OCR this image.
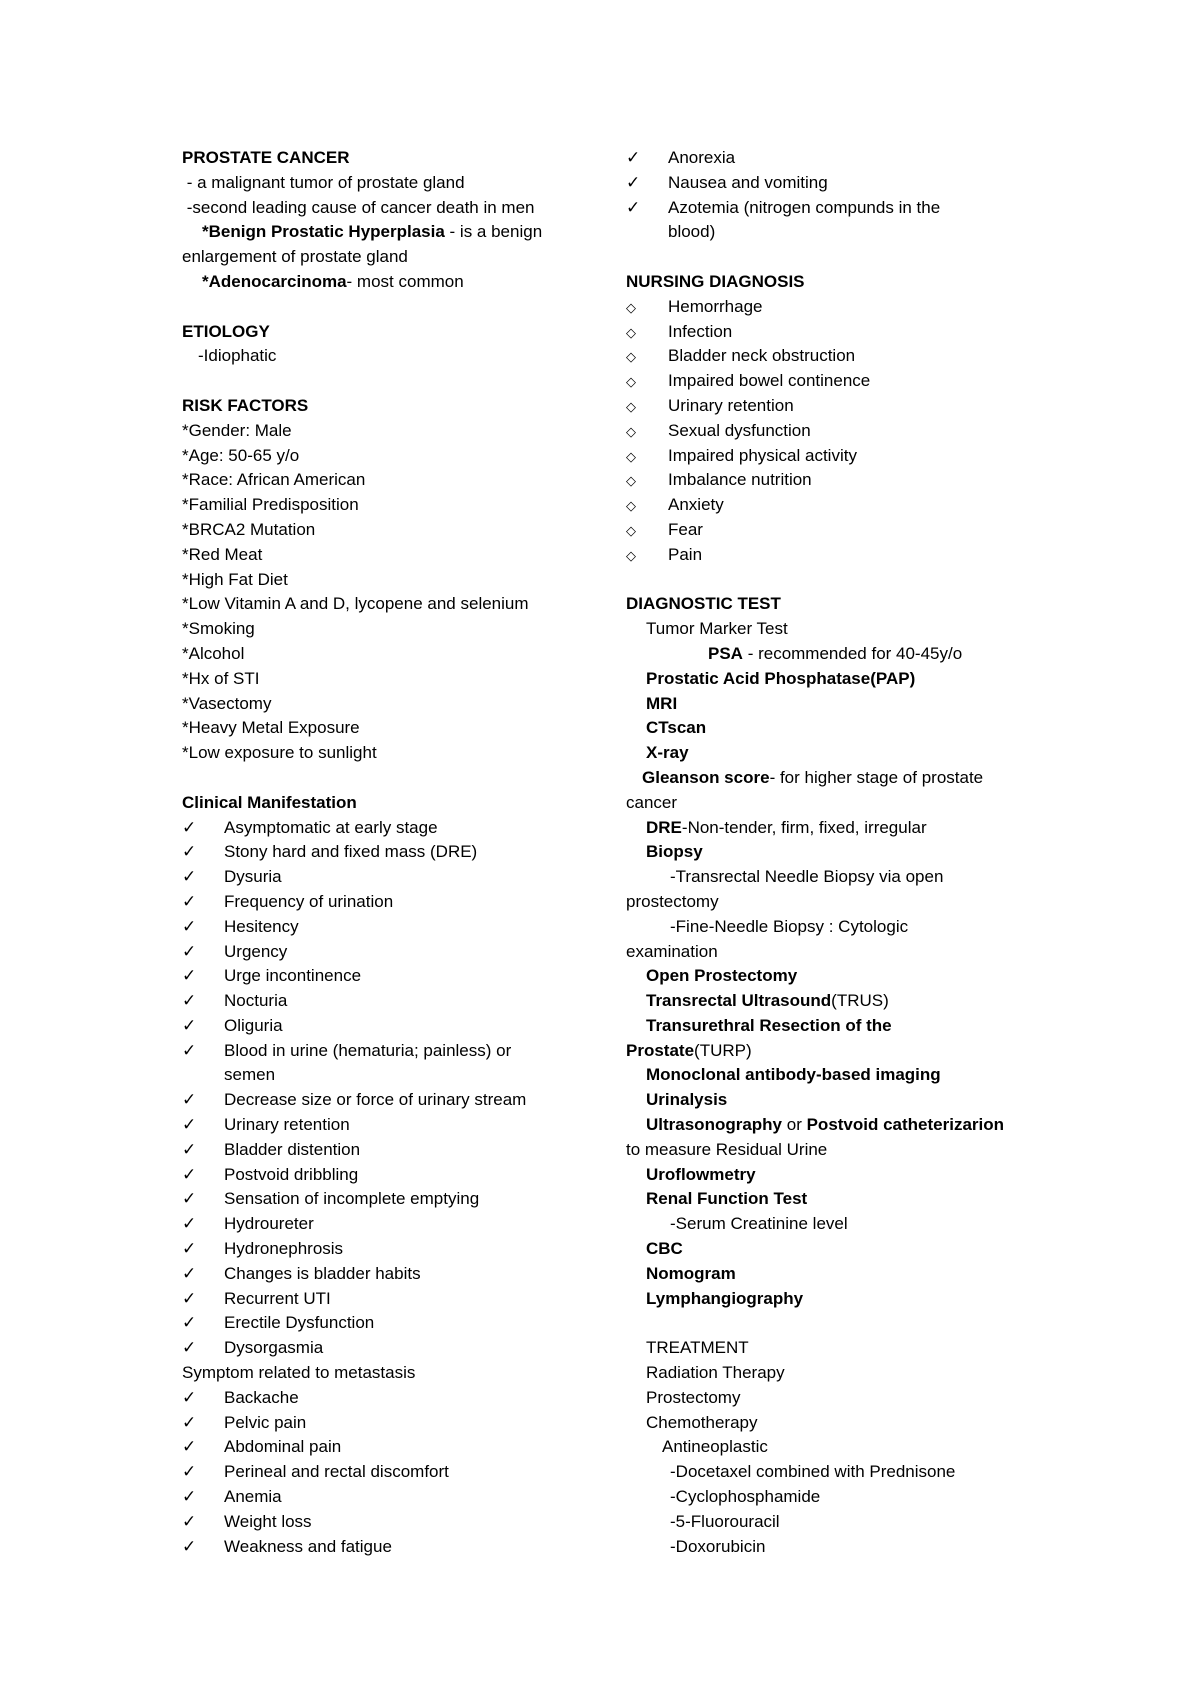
PROSTATE CANCER
- a malignant tumor of prostate gland
-second leading cause of cancer death in men
*Benign Prostatic Hyperplasia - is a benign
enlargement of prostate gland
*Adenocarcinoma- most common
ETIOLOGY
-Idiophatic
RISK FACTORS
*Gender: Male
*Age: 50-65 y/o
*Race: African American
*Familial Predisposition
*BRCA2 Mutation
*Red Meat
*High Fat Diet
*Low Vitamin A and D, lycopene and selenium
*Smoking
*Alcohol
*Hx of STI
*Vasectomy
*Heavy Metal Exposure
*Low exposure to sunlight
Clinical Manifestation
✓ Asymptomatic at early stage
✓ Stony hard and fixed mass (DRE)
✓ Dysuria
✓ Frequency of urination
✓ Hesitency
✓ Urgency
✓ Urge incontinence
✓ Nocturia
✓ Oliguria
✓ Blood in urine (hematuria; painless) or
semen
✓ Decrease size or force of urinary stream
✓ Urinary retention
✓ Bladder distention
✓ Postvoid dribbling
✓ Sensation of incomplete emptying
✓ Hydroureter
✓ Hydronephrosis
✓ Changes is bladder habits
✓ Recurrent UTI
✓ Erectile Dysfunction
✓ Dysorgasmia
Symptom related to metastasis
✓ Backache
✓ Pelvic pain
✓ Abdominal pain
✓ Perineal and rectal discomfort
✓ Anemia
✓ Weight loss
✓ Weakness and fatigue
✓ Anorexia
✓ Nausea and vomiting
✓ Azotemia (nitrogen compunds in the
blood)
NURSING DIAGNOSIS
◇ Hemorrhage
◇ Infection
◇ Bladder neck obstruction
◇ Impaired bowel continence
◇ Urinary retention
◇ Sexual dysfunction
◇ Impaired physical activity
◇ Imbalance nutrition
◇ Anxiety
◇ Fear
◇ Pain
DIAGNOSTIC TEST
Tumor Marker Test
PSA - recommended for 40-45y/o
Prostatic Acid Phosphatase(PAP)
MRI
CTscan
X-ray
Gleanson score- for higher stage of prostate
cancer
DRE-Non-tender, firm, fixed, irregular
Biopsy
-Transrectal Needle Biopsy via open
prostectomy
-Fine-Needle Biopsy : Cytologic
examination
Open Prostectomy
Transrectal Ultrasound(TRUS)
Transurethral Resection of the
Prostate(TURP)
Monoclonal antibody-based imaging
Urinalysis
Ultrasonography or Postvoid catheterizarion
to measure Residual Urine
Uroflowmetry
Renal Function Test
-Serum Creatinine level
CBC
Nomogram
Lymphangiography
TREATMENT
Radiation Therapy
Prostectomy
Chemotherapy
Antineoplastic
-Docetaxel combined with Prednisone
-Cyclophosphamide
-5-Fluorouracil
-Doxorubicin
